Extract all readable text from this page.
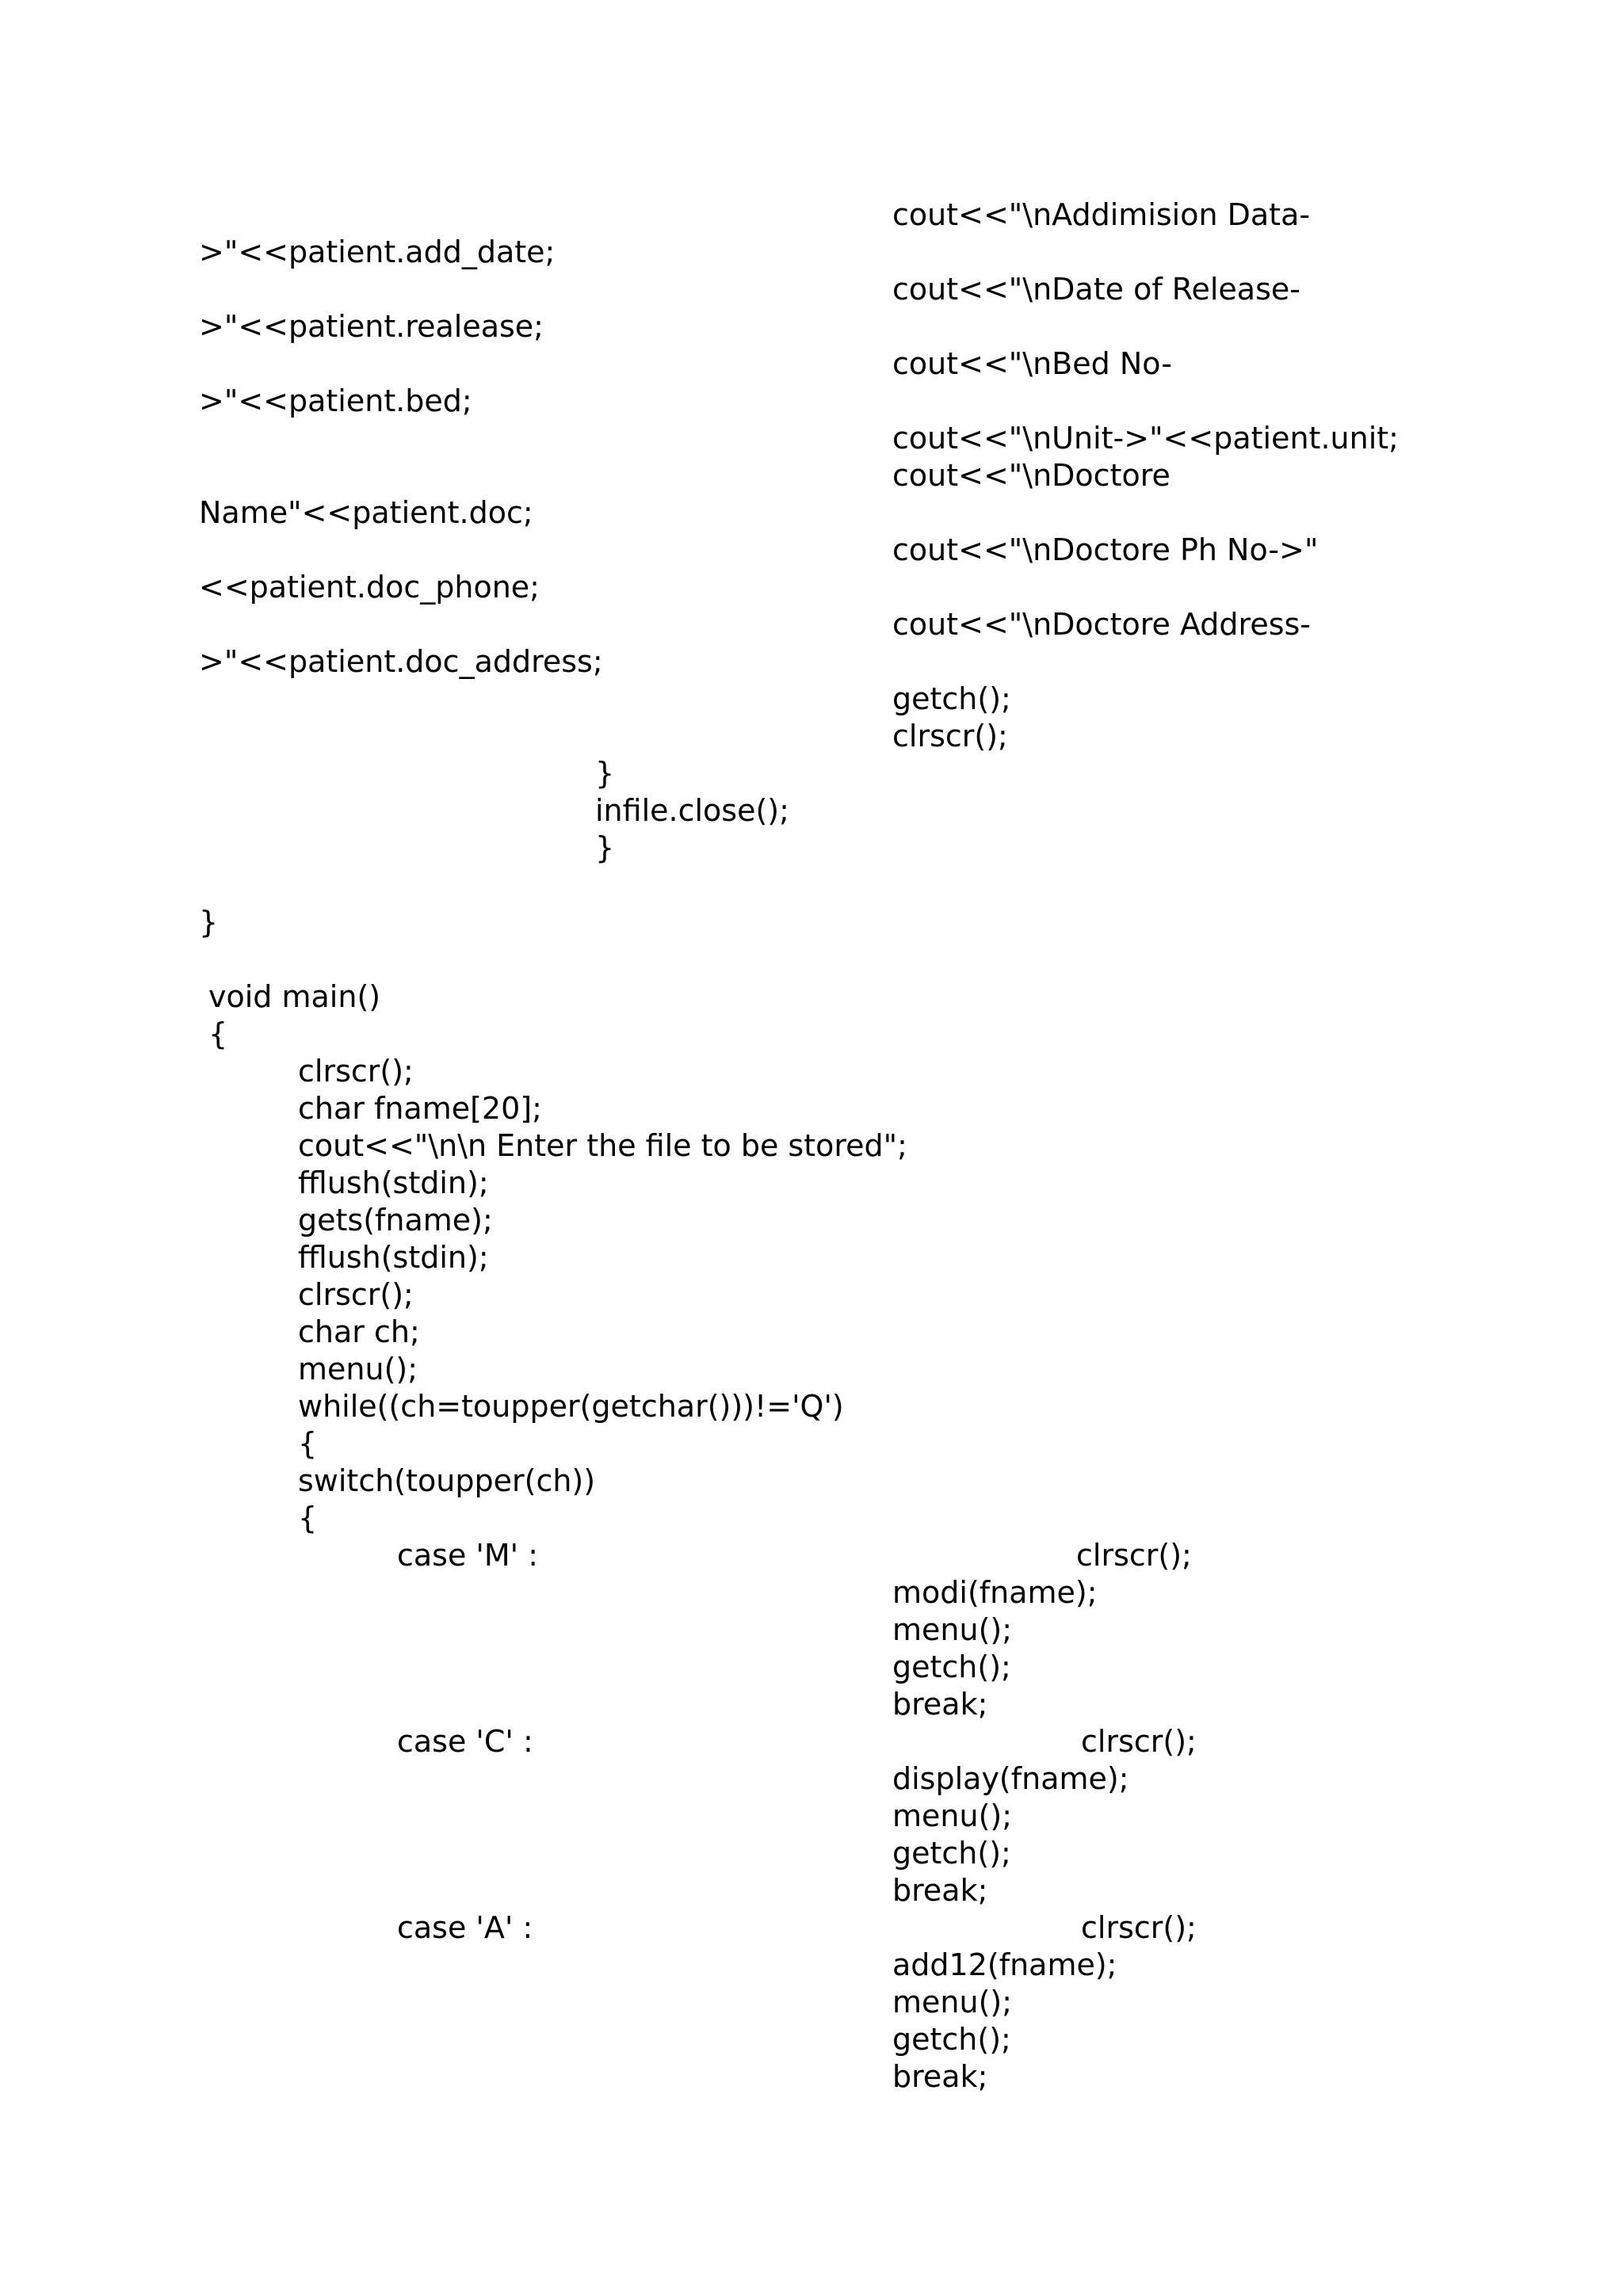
cout<<"\nAddimision Data-
>"<<patient.add_date;
cout<<"\nDate of Release-
>"<<patient.realease;
cout<<"\nBed No-
>"<<patient.bed;
cout<<"\nUnit->"<<patient.unit;
cout<<"\nDoctore
Name"<<patient.doc;
cout<<"\nDoctore Ph No->"
<<patient.doc_phone;
cout<<"\nDoctore Address-
>"<<patient.doc_address;
getch();
clrscr();
}
infile.close();
}
}
void main()
{
clrscr();
char fname[20];
cout<<"\n\n Enter the file to be stored";
fflush(stdin);
gets(fname);
fflush(stdin);
clrscr();
char ch;
menu();
while((ch=toupper(getchar()))!='Q')
{
switch(toupper(ch))
{
case 'M' :	clrscr();
modi(fname);
menu();
getch();
break;
case 'C' :	clrscr();
display(fname);
menu();
getch();
break;
case 'A' :	clrscr();
add12(fname);
menu();
getch();
break;
